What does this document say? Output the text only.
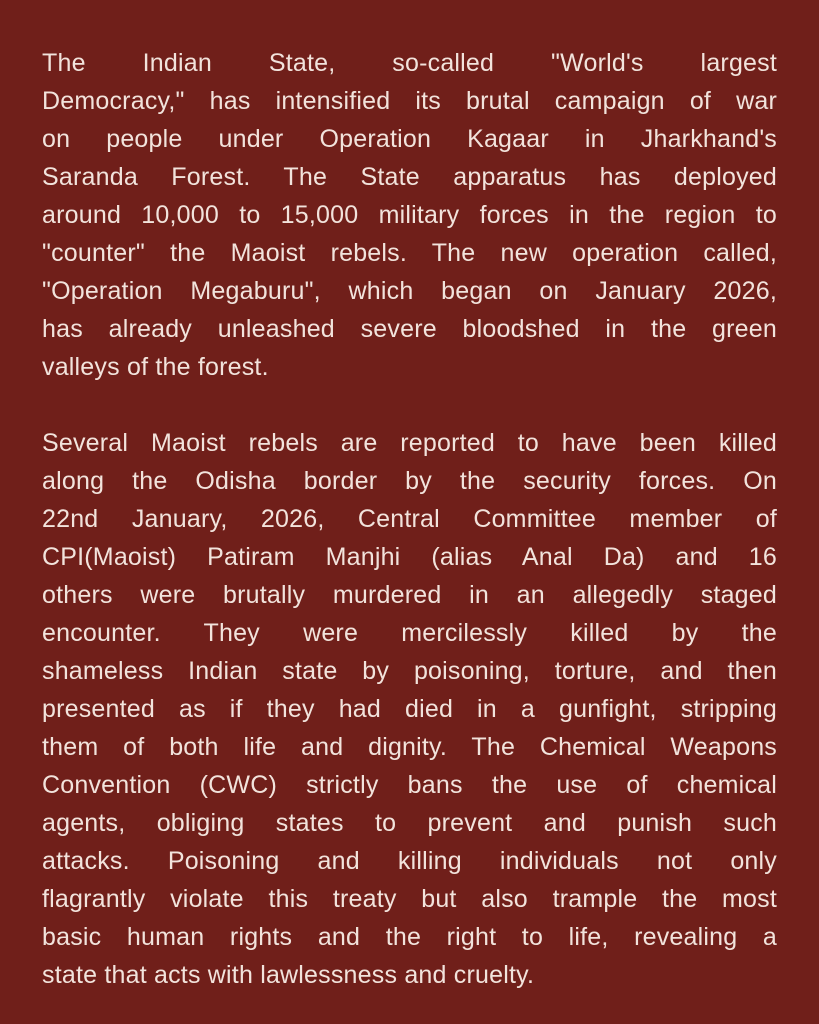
The Indian State, so-called "World's largest
Democracy," has intensified its brutal campaign of war
on people under Operation Kagaar in Jharkhand's
Saranda Forest. The State apparatus has deployed
around 10,000 to 15,000 military forces in the region to
"counter" the Maoist rebels. The new operation called,
"Operation Megaburu", which began on January 2026,
has already unleashed severe bloodshed in the green
valleys of the forest.
Several Maoist rebels are reported to have been killed
along the Odisha border by the security forces. On
22nd January, 2026, Central Committee member of
CPI(Maoist) Patiram Manjhi (alias Anal Da) and 16
others were brutally murdered in an allegedly staged
encounter. They were mercilessly killed by the
shameless Indian state by poisoning, torture, and then
presented as if they had died in a gunfight, stripping
them of both life and dignity. The Chemical Weapons
Convention (CWC) strictly bans the use of chemical
agents, obliging states to prevent and punish such
attacks. Poisoning and killing individuals not only
flagrantly violate this treaty but also trample the most
basic human rights and the right to life, revealing a
state that acts with lawlessness and cruelty.
